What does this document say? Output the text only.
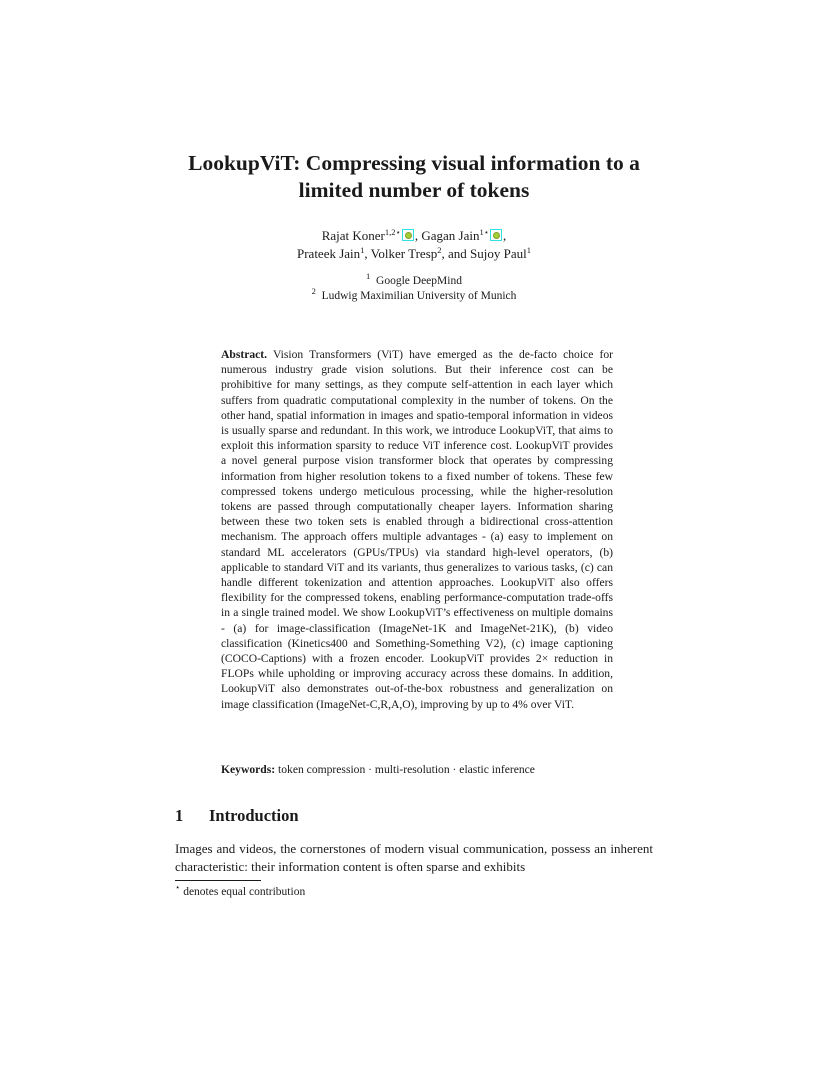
LookupViT: Compressing visual information to a
limited number of tokens
Rajat Koner$^{1,2⋆}$ , Gagan Jain$^{1⋆}$ ,
Prateek Jain$^1$, Volker Tresp$^2$, and Sujoy Paul$^1$
$^1$ Google DeepMind
$^2$ Ludwig Maximilian University of Munich

Abstract. Vision Transformers (ViT) have emerged as the de-facto choice for numerous industry grade vision solutions. But their inference cost can be prohibitive for many settings, as they compute self-attention in each layer which suffers from quadratic computational complexity in the number of tokens. On the other hand, spatial information in images and spatio-temporal information in videos is usually sparse and redundant. In this work, we introduce LookupViT, that aims to exploit this information sparsity to reduce ViT inference cost. LookupViT provides a novel general purpose vision transformer block that operates by compressing information from higher resolution tokens to a fixed number of tokens. These few compressed tokens undergo meticulous processing, while the higher-resolution tokens are passed through computationally cheaper layers. Information sharing between these two token sets is enabled through a bidirectional cross-attention mechanism. The approach offers multiple advantages - (a) easy to implement on standard ML accelerators (GPUs/TPUs) via standard high-level operators, (b) applicable to standard ViT and its variants, thus generalizes to various tasks, (c) can handle different tokenization and attention approaches. LookupViT also offers flexibility for the compressed tokens, enabling performance-computation trade-offs in a single trained model. We show LookupViT’s effectiveness on multiple domains - (a) for image-classification (ImageNet-1K and ImageNet-21K), (b) video classification (Kinetics400 and Something-Something V2), (c) image captioning (COCO-Captions) with a frozen encoder. LookupViT provides 2× reduction in FLOPs while upholding or improving accuracy across these domains. In addition, LookupViT also demonstrates out-of-the-box robustness and generalization on image classification (ImageNet-C,R,A,O), improving by up to 4% over ViT.

Keywords: token compression · multi-resolution · elastic inference
1 Introduction

Images and videos, the cornerstones of modern visual communication, possess an inherent characteristic: their information content is often sparse and exhibits

⋆ denotes equal contribution
